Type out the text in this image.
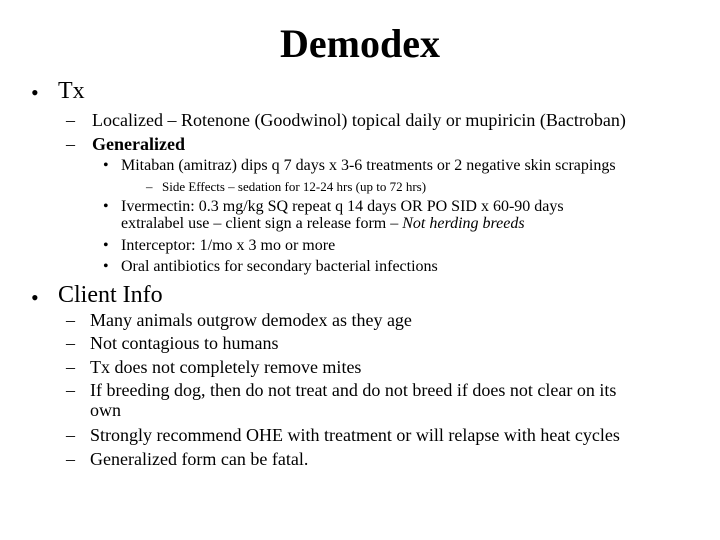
Demodex
• Tx
– Localized – Rotenone (Goodwinol) topical daily or mupiricin (Bactroban)
– Generalized
• Mitaban (amitraz) dips q 7 days x 3-6 treatments or 2 negative skin scrapings
– Side Effects – sedation for 12-24 hrs (up to 72 hrs)
• Ivermectin: 0.3 mg/kg SQ repeat q 14 days OR PO SID x 60-90 days
extralabel use – client sign a release form – Not herding breeds
• Interceptor: 1/mo x 3 mo or more
• Oral antibiotics for secondary bacterial infections
• Client Info
– Many animals outgrow demodex as they age
– Not contagious to humans
– Tx does not completely remove mites
– If breeding dog, then do not treat and do not breed if does not clear on its
own
– Strongly recommend OHE with treatment or will relapse with heat cycles
– Generalized form can be fatal.
